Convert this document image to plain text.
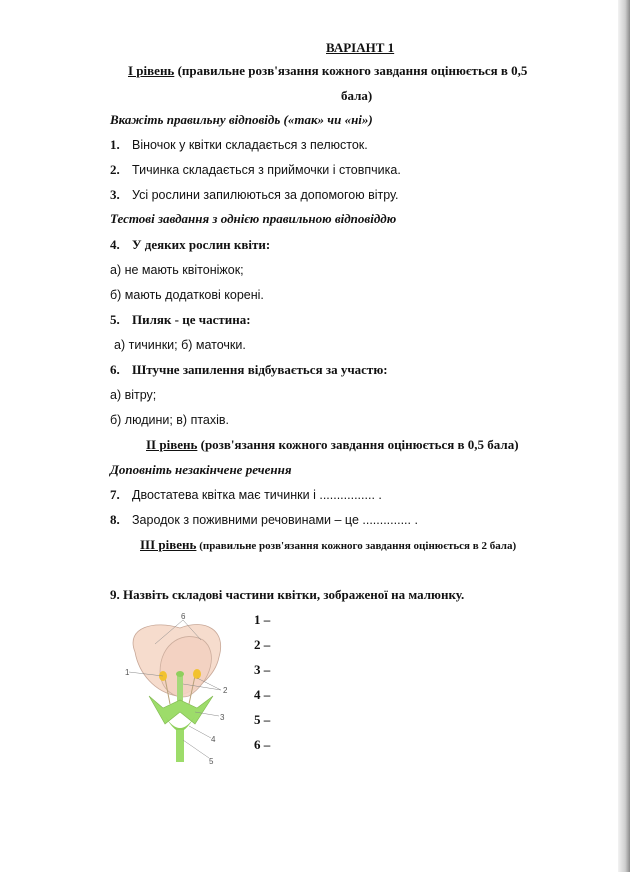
ВАРІАНТ 1
І рівень (правильне розв'язання кожного завдання оцінюється в 0,5
бала)
Вкажіть правильну відповідь («так» чи «ні»)
1. Віночок у квітки складається з пелюсток.
2. Тичинка складається з приймочки і стовпчика.
3. Усі рослини запилюються за допомогою вітру.
Тестові завдання з однією правильною відповіддю
4. У деяких рослин квіти:
а) не мають квітоніжок;
б) мають додаткові корені.
5. Пиляк - це частина:
а) тичинки; б) маточки.
6. Штучне запилення відбувається за участю:
а) вітру;
б) людини; в) птахів.
ІІ рівень (розв'язання кожного завдання оцінюється в 0,5 бала)
Доповніть незакінчене речення
7. Двостатева квітка має тичинки і ................ .
8. Зародок з поживними речовинами – це .............. .
ІІІ рівень (правильне розв'язання кожного завдання оцінюється в 2 бала)
9. Назвіть складові частини квітки, зображеної на малюнку.
1 –
2 –
3 –
4 –
5 –
6 –
6
1
2
3
4
5
